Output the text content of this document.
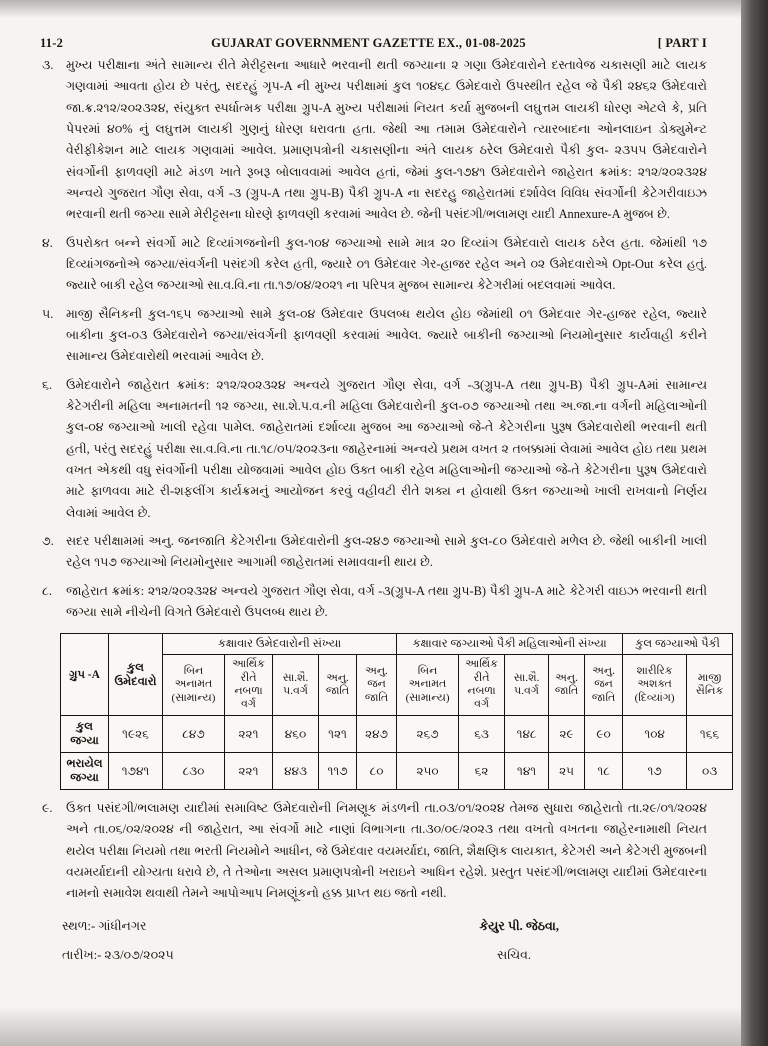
11-2	GUJARAT GOVERNMENT GAZETTE EX., 01-08-2025	[ PART I
૩.	મુખ્ય પરીક્ષાના અંતે સામાન્ય રીતે મેરીટ્ટસના આધારે ભરવાની થતી જગ્યાના ૨ ગણા ઉમેદવારોને દસ્તાવેજ ચકાસણી માટે લાયક ગણવામાં આવતા હોય છે પરંતુ, સદરહું ગૃપ-A ની મુખ્ય પરીક્ષામાં કુલ ૧૦૪૬૮ ઉમેદવારો ઉપસ્થીત રહેલ જે પૈકી ૨૪૬૨ ઉમેદવારો જા.ક્ર.૨૧૨/૨૦૨૩૨૪, સંયુક્ત સ્પર્ધાત્મક પરીક્ષા ગ્રુપ-A મુખ્ય પરીક્ષામાં નિયત કર્યા મુજબની લઘુત્તમ લાયકી ધોરણ એટલે કે, પ્રતિ પેપરમાં ૪૦% નું લઘુત્તમ લાયકી ગુણનું ધોરણ ધરાવતા હતા. જેથી આ તમામ ઉમેદવારોને ત્યારબાદના ઓનલાઇન ડોક્યુમેન્ટ વેરીફીકેશન માટે લાયક ગણવામાં આવેલ. પ્રમાણપત્રોની ચકાસણીના અંતે લાયક ઠરેલ ઉમેદવારો પૈકી કુલ- ૨૩૫૫ ઉમેદવારોને સંવર્ગોની ફાળવણી માટે મંડળ ખાતે રૂબરૂ બોલાવવામાં આવેલ હતાં, જેમાં કુલ-૧૭૪૧ ઉમેદવારોને જાહેરાત ક્રમાંક: ૨૧૨/૨૦૨૩૨૪ અન્વયે ગુજરાત ગૌણ સેવા, વર્ગ -૩ (ગ્રુપ-A તથા ગ્રુપ-B) પૈકી ગ્રુપ-A ના સદરહુ જાહેરાતમાં દર્શાવેલ વિવિધ સંવર્ગોની કેટેગરીવાઇઝ ભરવાની થતી જગ્યા સામે મેરીટ્ટસના ધોરણે ફાળવણી કરવામાં આવેલ છે. જેની પસંદગી/ભલામણ યાદી Annexure-A મુજબ છે.
૪.	ઉપરોક્ત બન્ને સંવર્ગો માટે દિવ્યાંગજનોની કુલ-૧૦૪ જગ્યાઓ સામે માત્ર ૨૦ દિવ્યાંગ ઉમેદવારો લાયક ઠરેલ હતા. જેમાંથી ૧૭ દિવ્યાંગજનોએ જગ્યા/સંવર્ગની પસંદગી કરેલ હતી, જ્યારે ૦૧ ઉમેદવાર ગેર-હાજર રહેલ અને ૦૨ ઉમેદવારોએ Opt-Out કરેલ હતું. જ્યારે બાકી રહેલ જગ્યાઓ સા.વ.વિ.ના તા.૧૭/૦૪/૨૦૨૧ ના પરિપત્ર મુજબ સામાન્ય કેટેગરીમાં બદલવામાં આવેલ.
૫.	માજી સૈનિકની કુલ-૧૬૫ જગ્યાઓ સામે કુલ-૦૪ ઉમેદવાર ઉપલબ્ધ થયેલ હોઇ જેમાંથી ૦૧ ઉમેદવાર ગેર-હાજર રહેલ, જ્યારે બાકીના કુલ-૦૩ ઉમેદવારોને જગ્યા/સંવર્ગની ફાળવણી કરવામાં આવેલ. જ્યારે બાકીની જગ્યાઓ નિયમોનુસાર કાર્યવાહી કરીને સામાન્ય ઉમેદવારોથી ભરવામાં આવેલ છે.
૬.	ઉમેદવારોને જાહેરાત ક્રમાંક: ૨૧૨/૨૦૨૩૨૪ અન્વયે ગુજરાત ગૌણ સેવા, વર્ગ -૩(ગ્રુપ-A તથા ગ્રુપ-B) પૈકી ગ્રુપ-Aમાં સામાન્ય કેટેગરીની મહિલા અનામતની ૧૨ જગ્યા, સા.શે.પ.વ.ની મહિલા ઉમેદવારોની કુલ-૦૭ જગ્યાઓ તથા અ.જા.ના વર્ગની મહિલાઓની કુલ-૦૪ જગ્યાઓ ખાલી રહેવા પામેલ. જાહેરાતમાં દર્શાવ્યા મુજબ આ જગ્યાઓ જે-તે કેટેગરીના પુરૂષ ઉમેદવારોથી ભરવાની થતી હતી, પરંતુ સદરહું પરીક્ષા સા.વ.વિ.ના તા.૧૮/૦૫/૨૦૨૩ના જાહેરનામાં અન્વયે પ્રથમ વખત ૨ તબક્કામાં લેવામાં આવેલ હોઇ તથા પ્રથમ વખત એકથી વધુ સંવર્ગોની પરીક્ષા યોજવામાં આવેલ હોઇ ઉક્ત બાકી રહેલ મહિલાઓની જગ્યાઓ જે-તે કેટેગરીના પુરૂષ ઉમેદવારો માટે ફાળવવા માટે રી-શફલીંગ કાર્યક્રમનું આયોજન કરવું વહીવટી રીતે શક્ય ન હોવાથી ઉક્ત જગ્યાઓ ખાલી રાખવાનો નિર્ણય લેવામાં આવેલ છે.
૭. સદર પરીક્ષામમાં અનુ. જનજાતિ કેટેગરીના ઉમેદવારોની કુલ-૨૪૭ જગ્યાઓ સામે કુલ-૮૦ ઉમેદવારો મળેલ છે. જેથી બાકીની ખાલી રહેલ ૧૫૭ જગ્યાઓ નિયમોનુસાર આગામી જાહેરાતમાં સમાવવાની થાય છે.
૮.	જાહેરાત ક્રમાંક: ૨૧૨/૨૦૨૩૨૪ અન્વયે ગુજરાત ગૌણ સેવા, વર્ગ -૩(ગ્રુપ-A તથા ગ્રુપ-B) પૈકી ગ્રુપ-A માટે કેટેગરી વાઇઝ ભરવાની થતી જગ્યા સામે નીચેની વિગતે ઉમેદવારો ઉપલબ્ધ થાય છે.
ગ્રુપ -A	કુલ ઉમેદવારો	કક્ષાવાર ઉમેદવારોની સંખ્યા					કક્ષાવાર જગ્યાઓ પૈકી મહિલાઓની સંખ્યા					કુલ જગ્યાઓ પૈકી	
		બિન અનામત (સામાન્ય)	આર્થિક રીતે નબળા વર્ગ	સા.શૈ. પ.વર્ગ	અનુ. જાતિ	અનુ. જન જાતિ	બિન અનામત (સામાન્ય)	આર્થિક રીતે નબળા વર્ગ	સા.શૈ. પ.વર્ગ	અનુ. જાતિ	અનુ. જન જાતિ	શારીરિક અશક્ત (દિવ્યાંગ)	માજી સૈનિક
કુલ જગ્યા	૧૯૨૬	૮૪૭	૨૨૧	૪૬૦	૧૨૧	૨૪૭	૨૬૭	૬૩	૧૪૮	૨૯	૯૦	૧૦૪	૧૬૬
ભરાયેલ જગ્યા	૧૭૪૧	૮૩૦	૨૨૧	૪૪૩	૧૧૭	૮૦	૨૫૦	૬૨	૧૪૧	૨૫	૧૮	૧૭	૦૩
૯.	ઉક્ત પસંદગી/ભલામણ યાદીમાં સમાવિષ્ટ ઉમેદવારોની નિમણૂક મંડળની તા.૦૩/૦૧/૨૦૨૪ તેમજ સુધારા જાહેરાતો તા.૨૯/૦૧/૨૦૨૪ અને તા.૦૬/૦૨/૨૦૨૪ ની જાહેરાત, આ સંવર્ગો માટે નાણાં વિભાગના તા.૩૦/૦૯/૨૦૨૩ તથા વખતો વખતના જાહેરનામાથી નિયત થયેલ પરીક્ષા નિયમો તથા ભરતી નિયમોને આધીન, જે ઉમેદવાર વયમર્યાદા, જાતિ, શૈક્ષણિક લાયકાત, કેટેગરી અને કેટેગરી મુજબની વયમર્યાદાની યોગ્યતા ધરાવે છે, તે તેઓના અસલ પ્રમાણપત્રોની ખરાઇને આધિન રહેશે. પ્રસ્તુત પસંદગી/ભલામણ યાદીમાં ઉમેદવારના નામનો સમાવેશ થવાથી તેમને આપોઆપ નિમણૂંકનો હક્ક પ્રાપ્ત થઇ જતો નથી.
સ્થળ:- ગાંધીનગર	કેયુર પી. જેઠવા,
તારીખ:- ૨૩/૦૭/૨૦૨૫	સચિવ.
